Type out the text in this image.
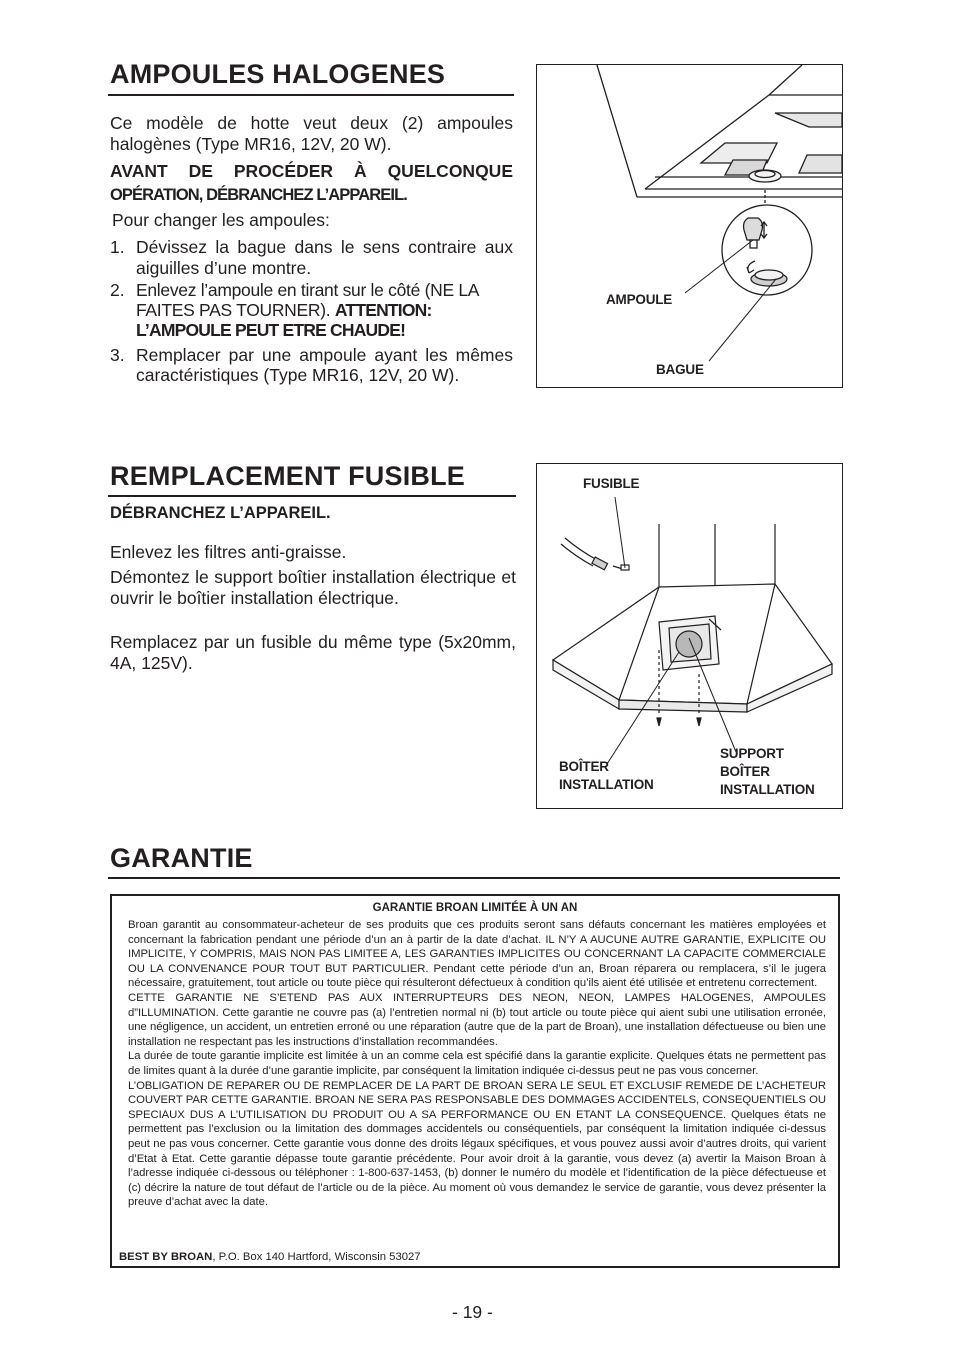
AMPOULES HALOGENES
Ce modèle de hotte veut deux (2) ampoules halogènes (Type MR16, 12V, 20 W).
AVANT DE PROCÉDER À QUELCONQUE
OPÉRATION, DÉBRANCHEZ L’APPAREIL.
Pour changer les ampoules:
1. Dévissez la bague dans le sens contraire aux aiguilles d’une montre.
2. Enlevez l’ampoule en tirant sur le côté (NE LA FAITES PAS TOURNER). ATTENTION: L’AMPOULE PEUT ETRE CHAUDE!
3. Remplacer par une ampoule ayant les mêmes caractéristiques (Type MR16, 12V, 20 W).
AMPOULE
BAGUE
REMPLACEMENT FUSIBLE
DÉBRANCHEZ L’APPAREIL.
Enlevez les filtres anti-graisse.
Démontez le support boîtier installation électrique et ouvrir le boîtier installation électrique.
Remplacez par un fusible du même type (5x20mm, 4A, 125V).
FUSIBLE
BOÎTER
INSTALLATION
SUPPORT
BOÎTER
INSTALLATION
GARANTIE
GARANTIE BROAN LIMITÉE À UN AN

Broan garantit au consommateur-acheteur de ses produits que ces produits seront sans défauts concernant les matières employées et concernant la fabrication pendant une période d’un an à partir de la date d’achat. IL N’Y A AUCUNE AUTRE GARANTIE, EXPLICITE OU IMPLICITE, Y COMPRIS, MAIS NON PAS LIMITEE A, LES GARANTIES IMPLICITES OU CONCERNANT LA CAPACITE COMMERCIALE OU LA CONVENANCE POUR TOUT BUT PARTICULIER. Pendant cette période d’un an, Broan réparera ou remplacera, s’il le jugera nécessaire, gratuitement, tout article ou toute pièce qui résulteront défectueux à condition qu’ils aient été utilisée et entretenu correctement.

CETTE GARANTIE NE S’ETEND PAS AUX INTERRUPTEURS DES NEON, NEON, LAMPES HALOGENES, AMPOULES d”ILLUMINATION. Cette garantie ne couvre pas (a) l’entretien normal ni (b) tout article ou toute pièce qui aient subi une utilisation erronée, une négligence, un accident, un entretien erroné ou une réparation (autre que de la part de Broan), une installation défectueuse ou bien une installation ne respectant pas les instructions d’installation recommandées.

La durée de toute garantie implicite est limitée à un an comme cela est spécifié dans la garantie explicite. Quelques états ne permettent pas de limites quant à la durée d’une garantie implicite, par conséquent la limitation indiquée ci-dessus peut ne pas vous concerner.

L’OBLIGATION DE REPARER OU DE REMPLACER DE LA PART DE BROAN SERA LE SEUL ET EXCLUSIF REMEDE DE L’ACHETEUR COUVERT PAR CETTE GARANTIE. BROAN NE SERA PAS RESPONSABLE DES DOMMAGES ACCIDENTELS, CONSEQUENTIELS OU SPECIAUX DUS A L’UTILISATION DU PRODUIT OU A SA PERFORMANCE OU EN ETANT LA CONSEQUENCE. Quelques états ne permettent pas l’exclusion ou la limitation des dommages accidentels ou conséquentiels, par conséquent la limitation indiquée ci-dessus peut ne pas vous concerner. Cette garantie vous donne des droits légaux spécifiques, et vous pouvez aussi avoir d’autres droits, qui varient d’Etat à Etat. Cette garantie dépasse toute garantie précédente. Pour avoir droit à la garantie, vous devez (a) avertir la Maison Broan à l’adresse indiquée ci-dessous ou téléphoner : 1-800-637-1453, (b) donner le numéro du modèle et l’identification de la pièce défectueuse et (c) décrire la nature de tout défaut de l’article ou de la pièce. Au moment où vous demandez le service de garantie, vous devez présenter la preuve d’achat avec la date.

BEST BY BROAN, P.O. Box 140 Hartford, Wisconsin 53027
- 19 -
